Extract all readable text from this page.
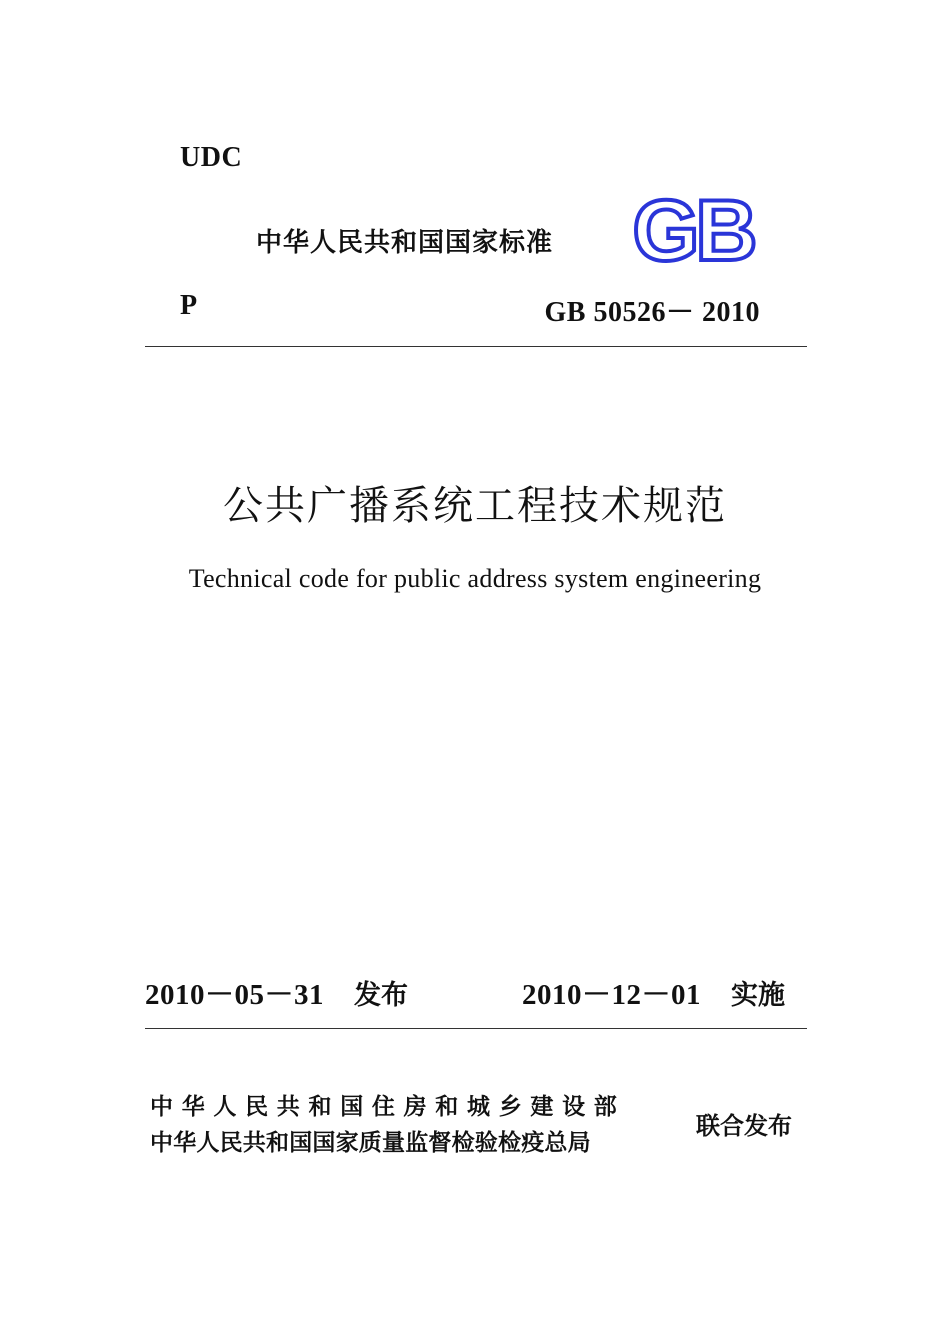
UDC
中华人民共和国国家标准 GB
P	GB 50526－ 2010
公共广播系统工程技术规范
Technical code for public address system engineering
2010－05－31 发布	2010－12－01 实施
中华人民共和国住房和城乡建设部
中华人民共和国国家质量监督检验检疫总局
联合发布
